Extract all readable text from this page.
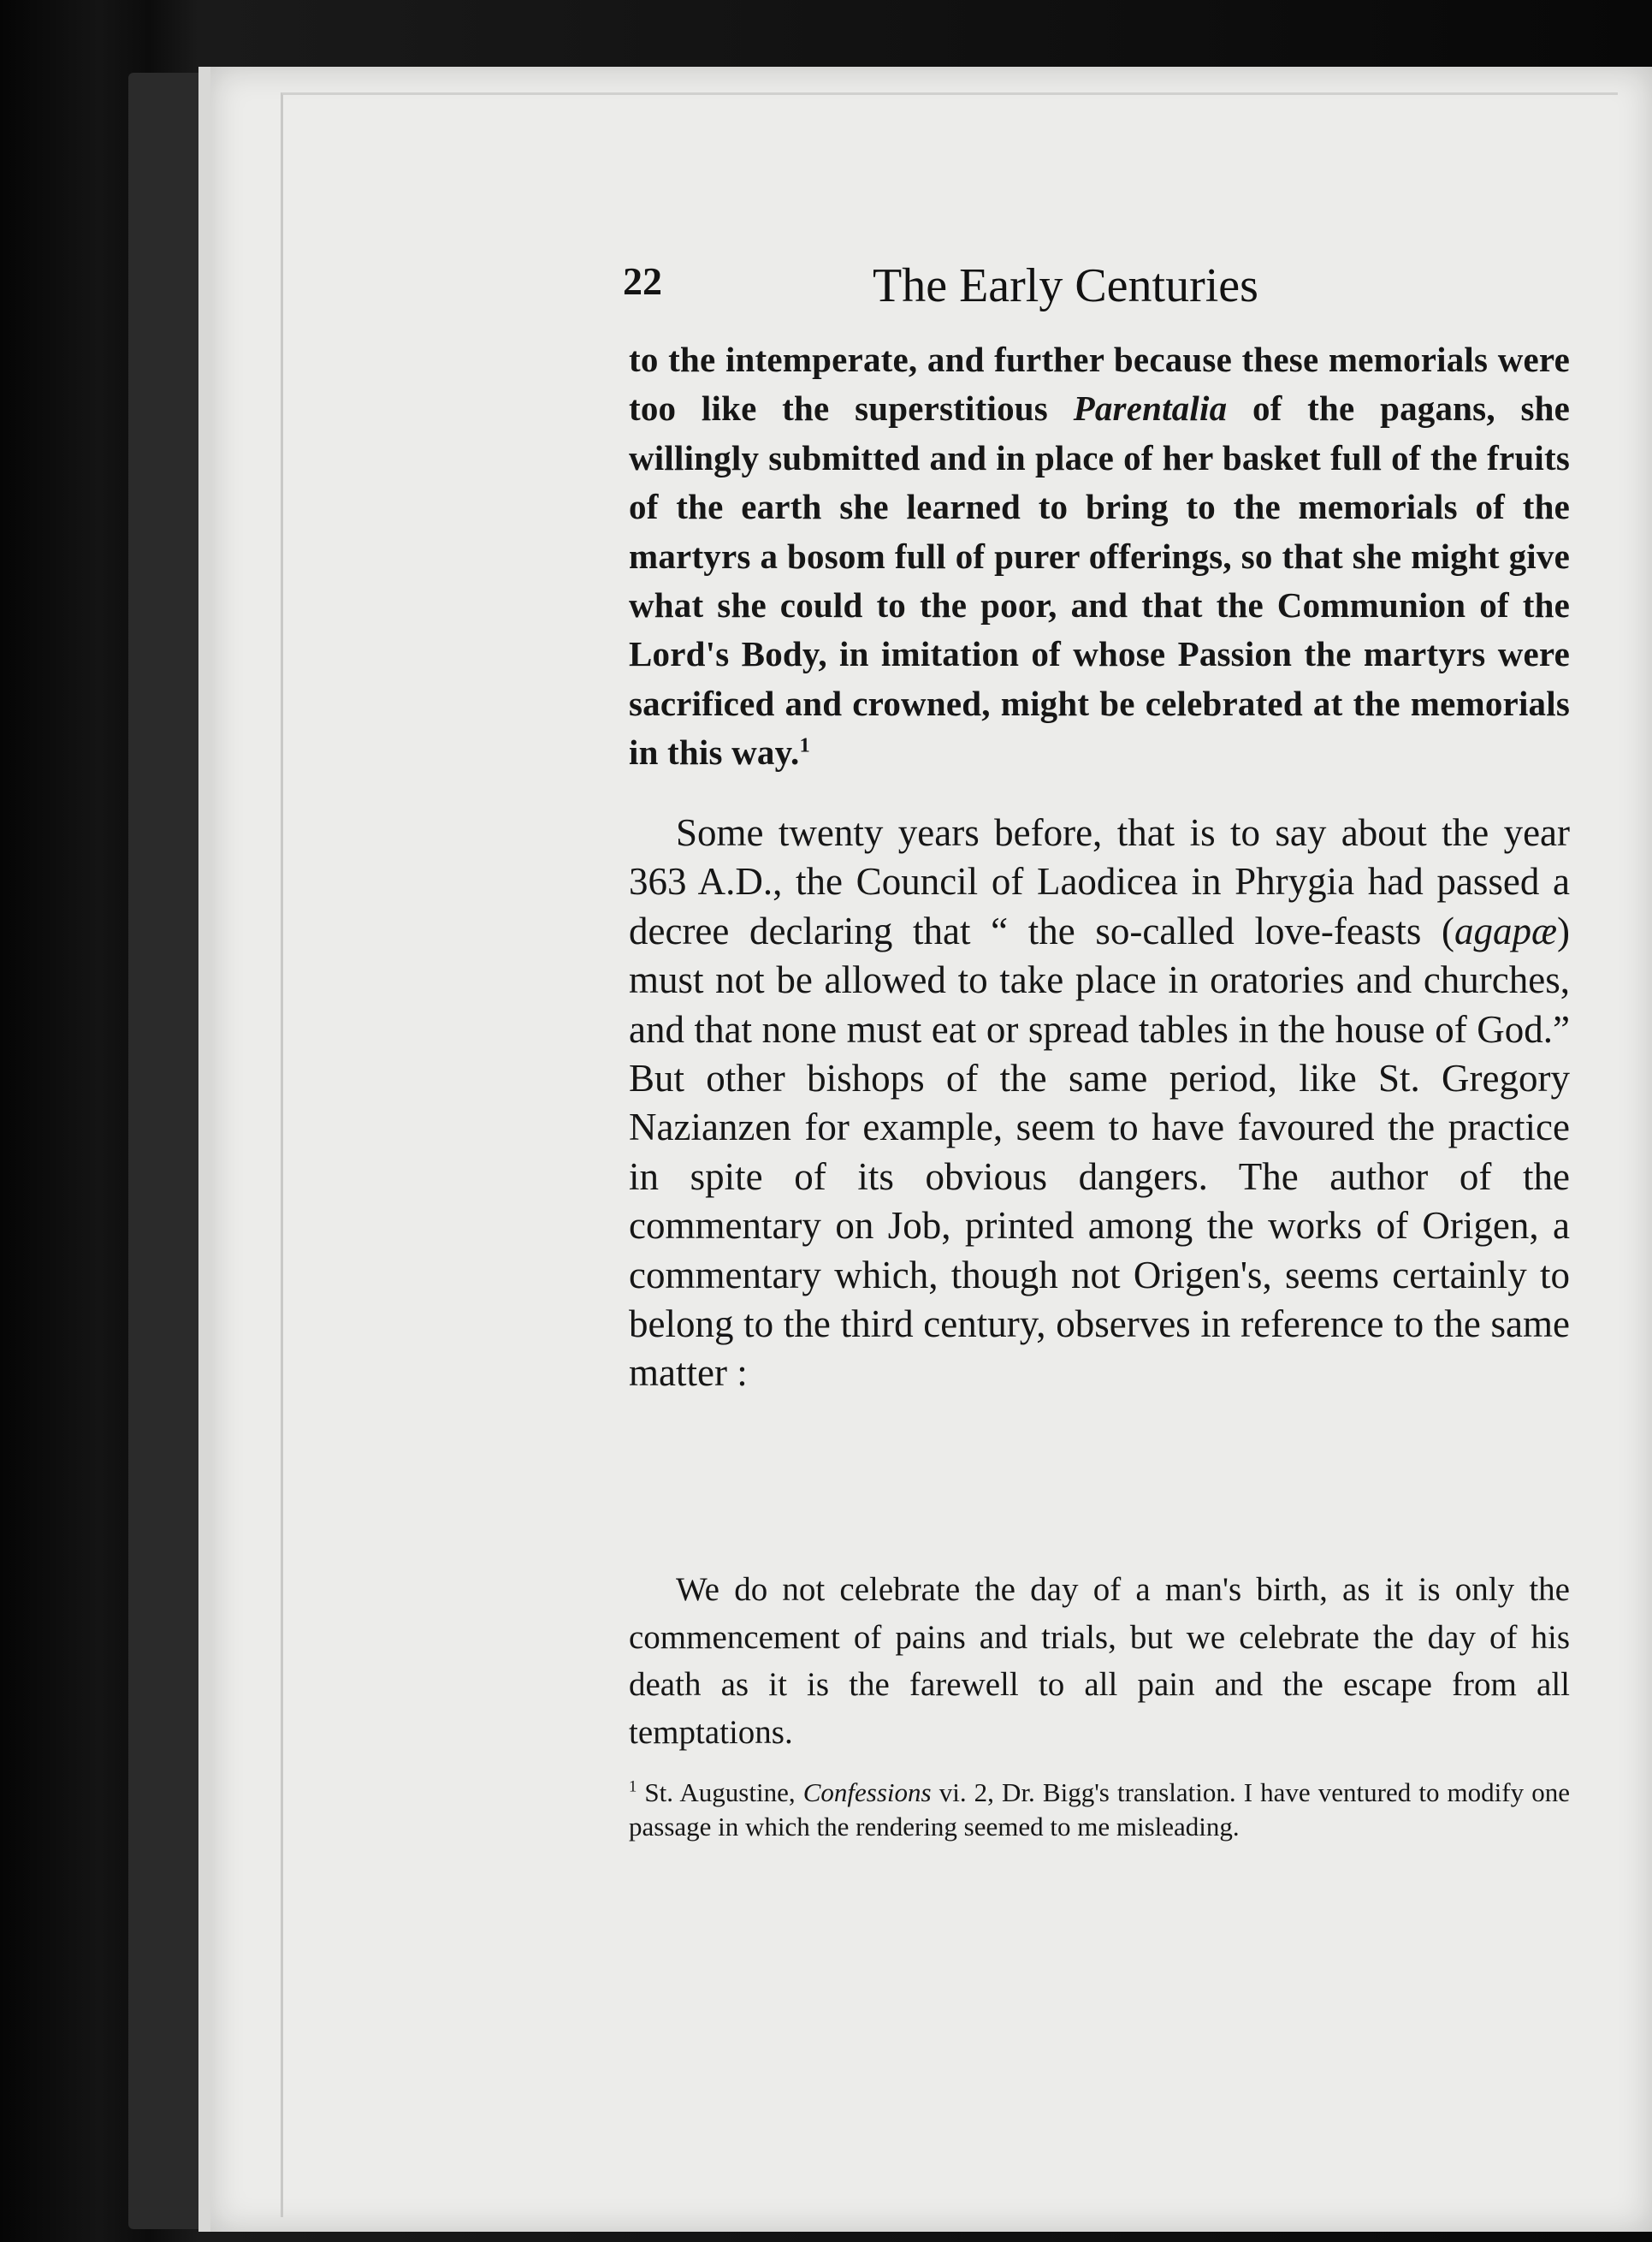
22	The Early Centuries

to the intemperate, and further because these memorials were too like the superstitious Parentalia of the pagans, she willingly submitted and in place of her basket full of the fruits of the earth she learned to bring to the memorials of the martyrs a bosom full of purer offerings, so that she might give what she could to the poor, and that the Communion of the Lord's Body, in imitation of whose Passion the martyrs were sacrificed and crowned, might be celebrated at the memorials in this way.$^1$

Some twenty years before, that is to say about the year 363 A.D., the Council of Laodicea in Phrygia had passed a decree declaring that “ the so-called love-feasts (agapæ) must not be allowed to take place in oratories and churches, and that none must eat or spread tables in the house of God.” But other bishops of the same period, like St. Gregory Nazianzen for example, seem to have favoured the practice in spite of its obvious dangers. The author of the commentary on Job, printed among the works of Origen, a commentary which, though not Origen's, seems certainly to belong to the third century, observes in reference to the same matter :

We do not celebrate the day of a man's birth, as it is only the commencement of pains and trials, but we celebrate the day of his death as it is the farewell to all pain and the escape from all temptations.

$^1$ St. Augustine, Confessions vi. 2, Dr. Bigg's translation. I have ventured to modify one passage in which the rendering seemed to me misleading.
